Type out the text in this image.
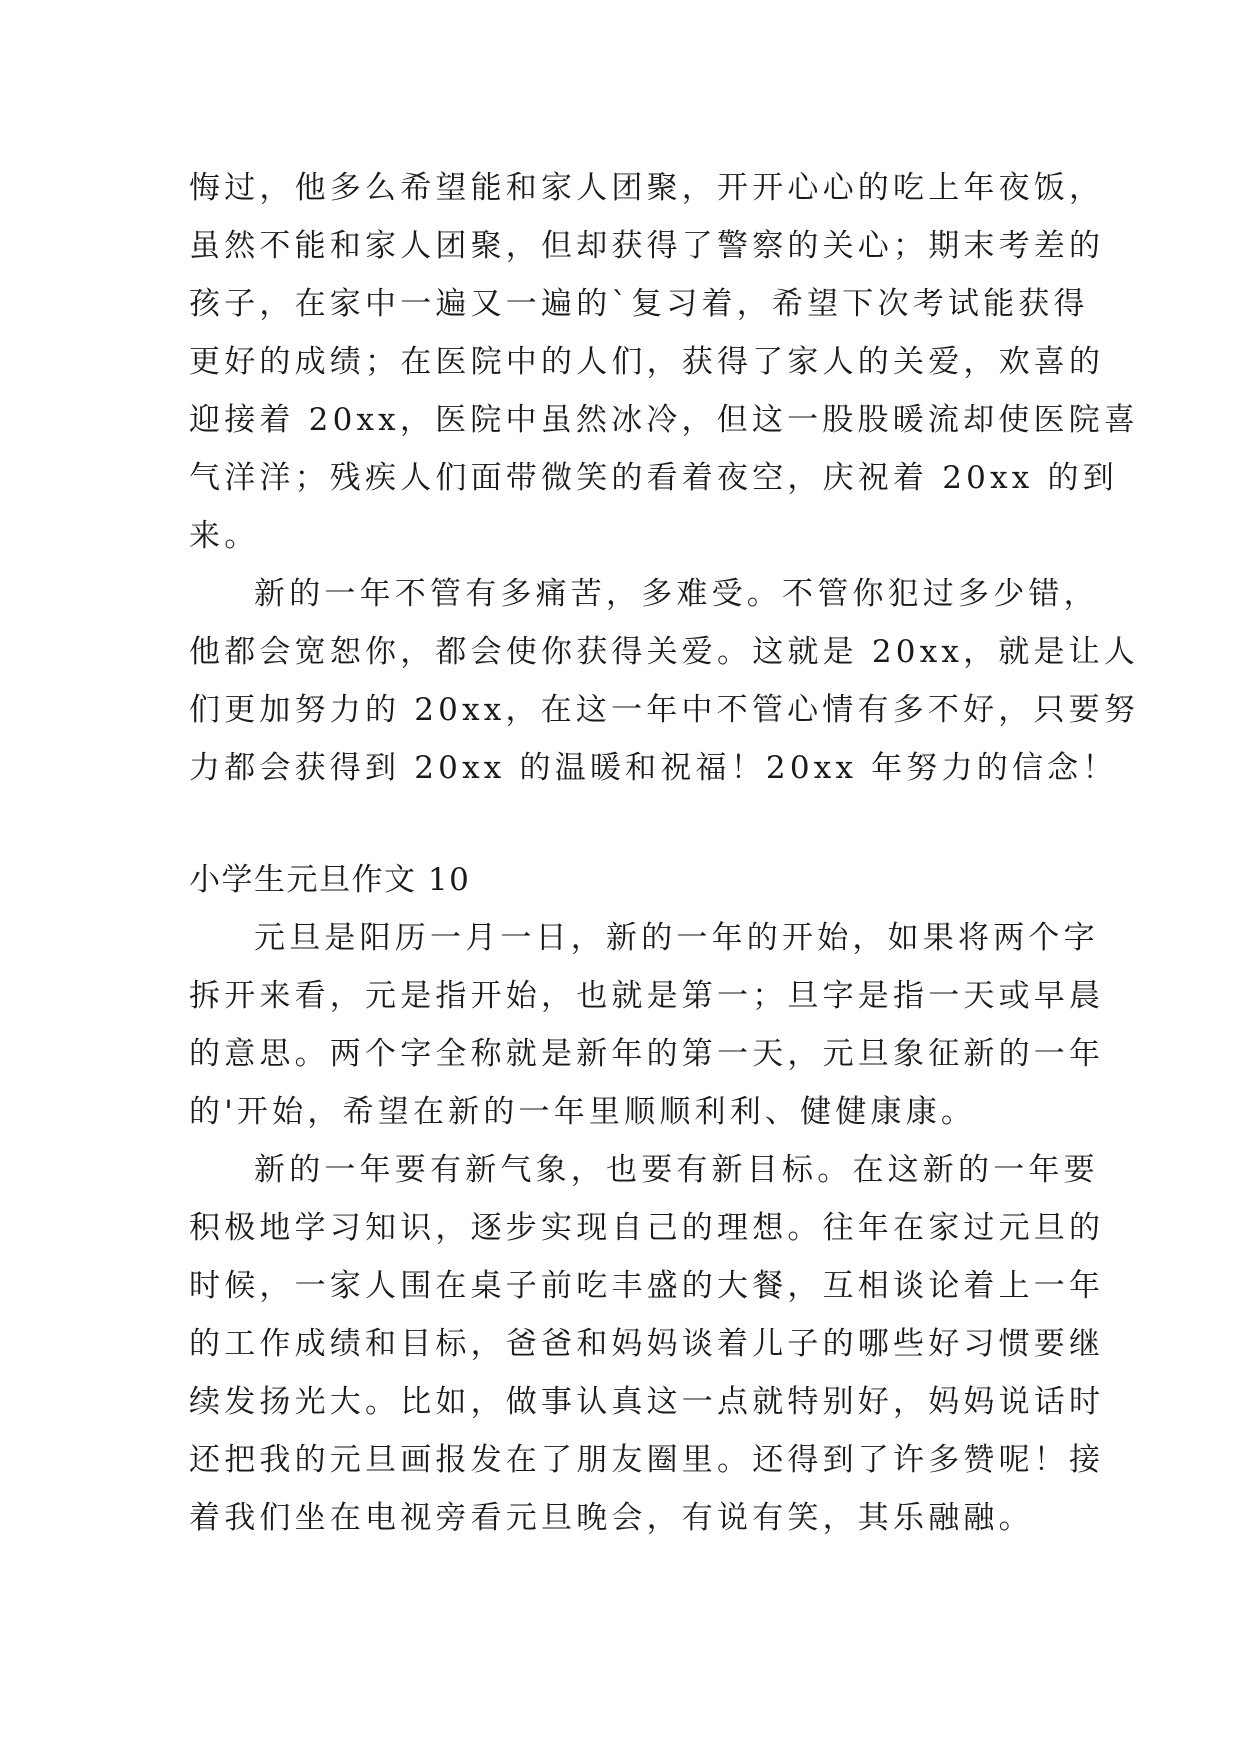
悔过，他多么希望能和家人团聚，开开心心的吃上年夜饭，
虽然不能和家人团聚，但却获得了警察的关心；期末考差的
孩子，在家中一遍又一遍的`复习着，希望下次考试能获得
更好的成绩；在医院中的人们，获得了家人的关爱，欢喜的
迎接着 20xx，医院中虽然冰冷，但这一股股暖流却使医院喜
气洋洋；残疾人们面带微笑的看着夜空，庆祝着 20xx 的到
来。
新的一年不管有多痛苦，多难受。不管你犯过多少错，
他都会宽恕你，都会使你获得关爱。这就是 20xx，就是让人
们更加努力的 20xx，在这一年中不管心情有多不好，只要努
力都会获得到 20xx 的温暖和祝福！20xx 年努力的信念！
小学生元旦作文 10
元旦是阳历一月一日，新的一年的开始，如果将两个字
拆开来看，元是指开始，也就是第一；旦字是指一天或早晨
的意思。两个字全称就是新年的第一天，元旦象征新的一年
的'开始，希望在新的一年里顺顺利利、健健康康。
新的一年要有新气象，也要有新目标。在这新的一年要
积极地学习知识，逐步实现自己的理想。往年在家过元旦的
时候，一家人围在桌子前吃丰盛的大餐，互相谈论着上一年
的工作成绩和目标，爸爸和妈妈谈着儿子的哪些好习惯要继
续发扬光大。比如，做事认真这一点就特别好，妈妈说话时
还把我的元旦画报发在了朋友圈里。还得到了许多赞呢！接
着我们坐在电视旁看元旦晚会，有说有笑，其乐融融。
